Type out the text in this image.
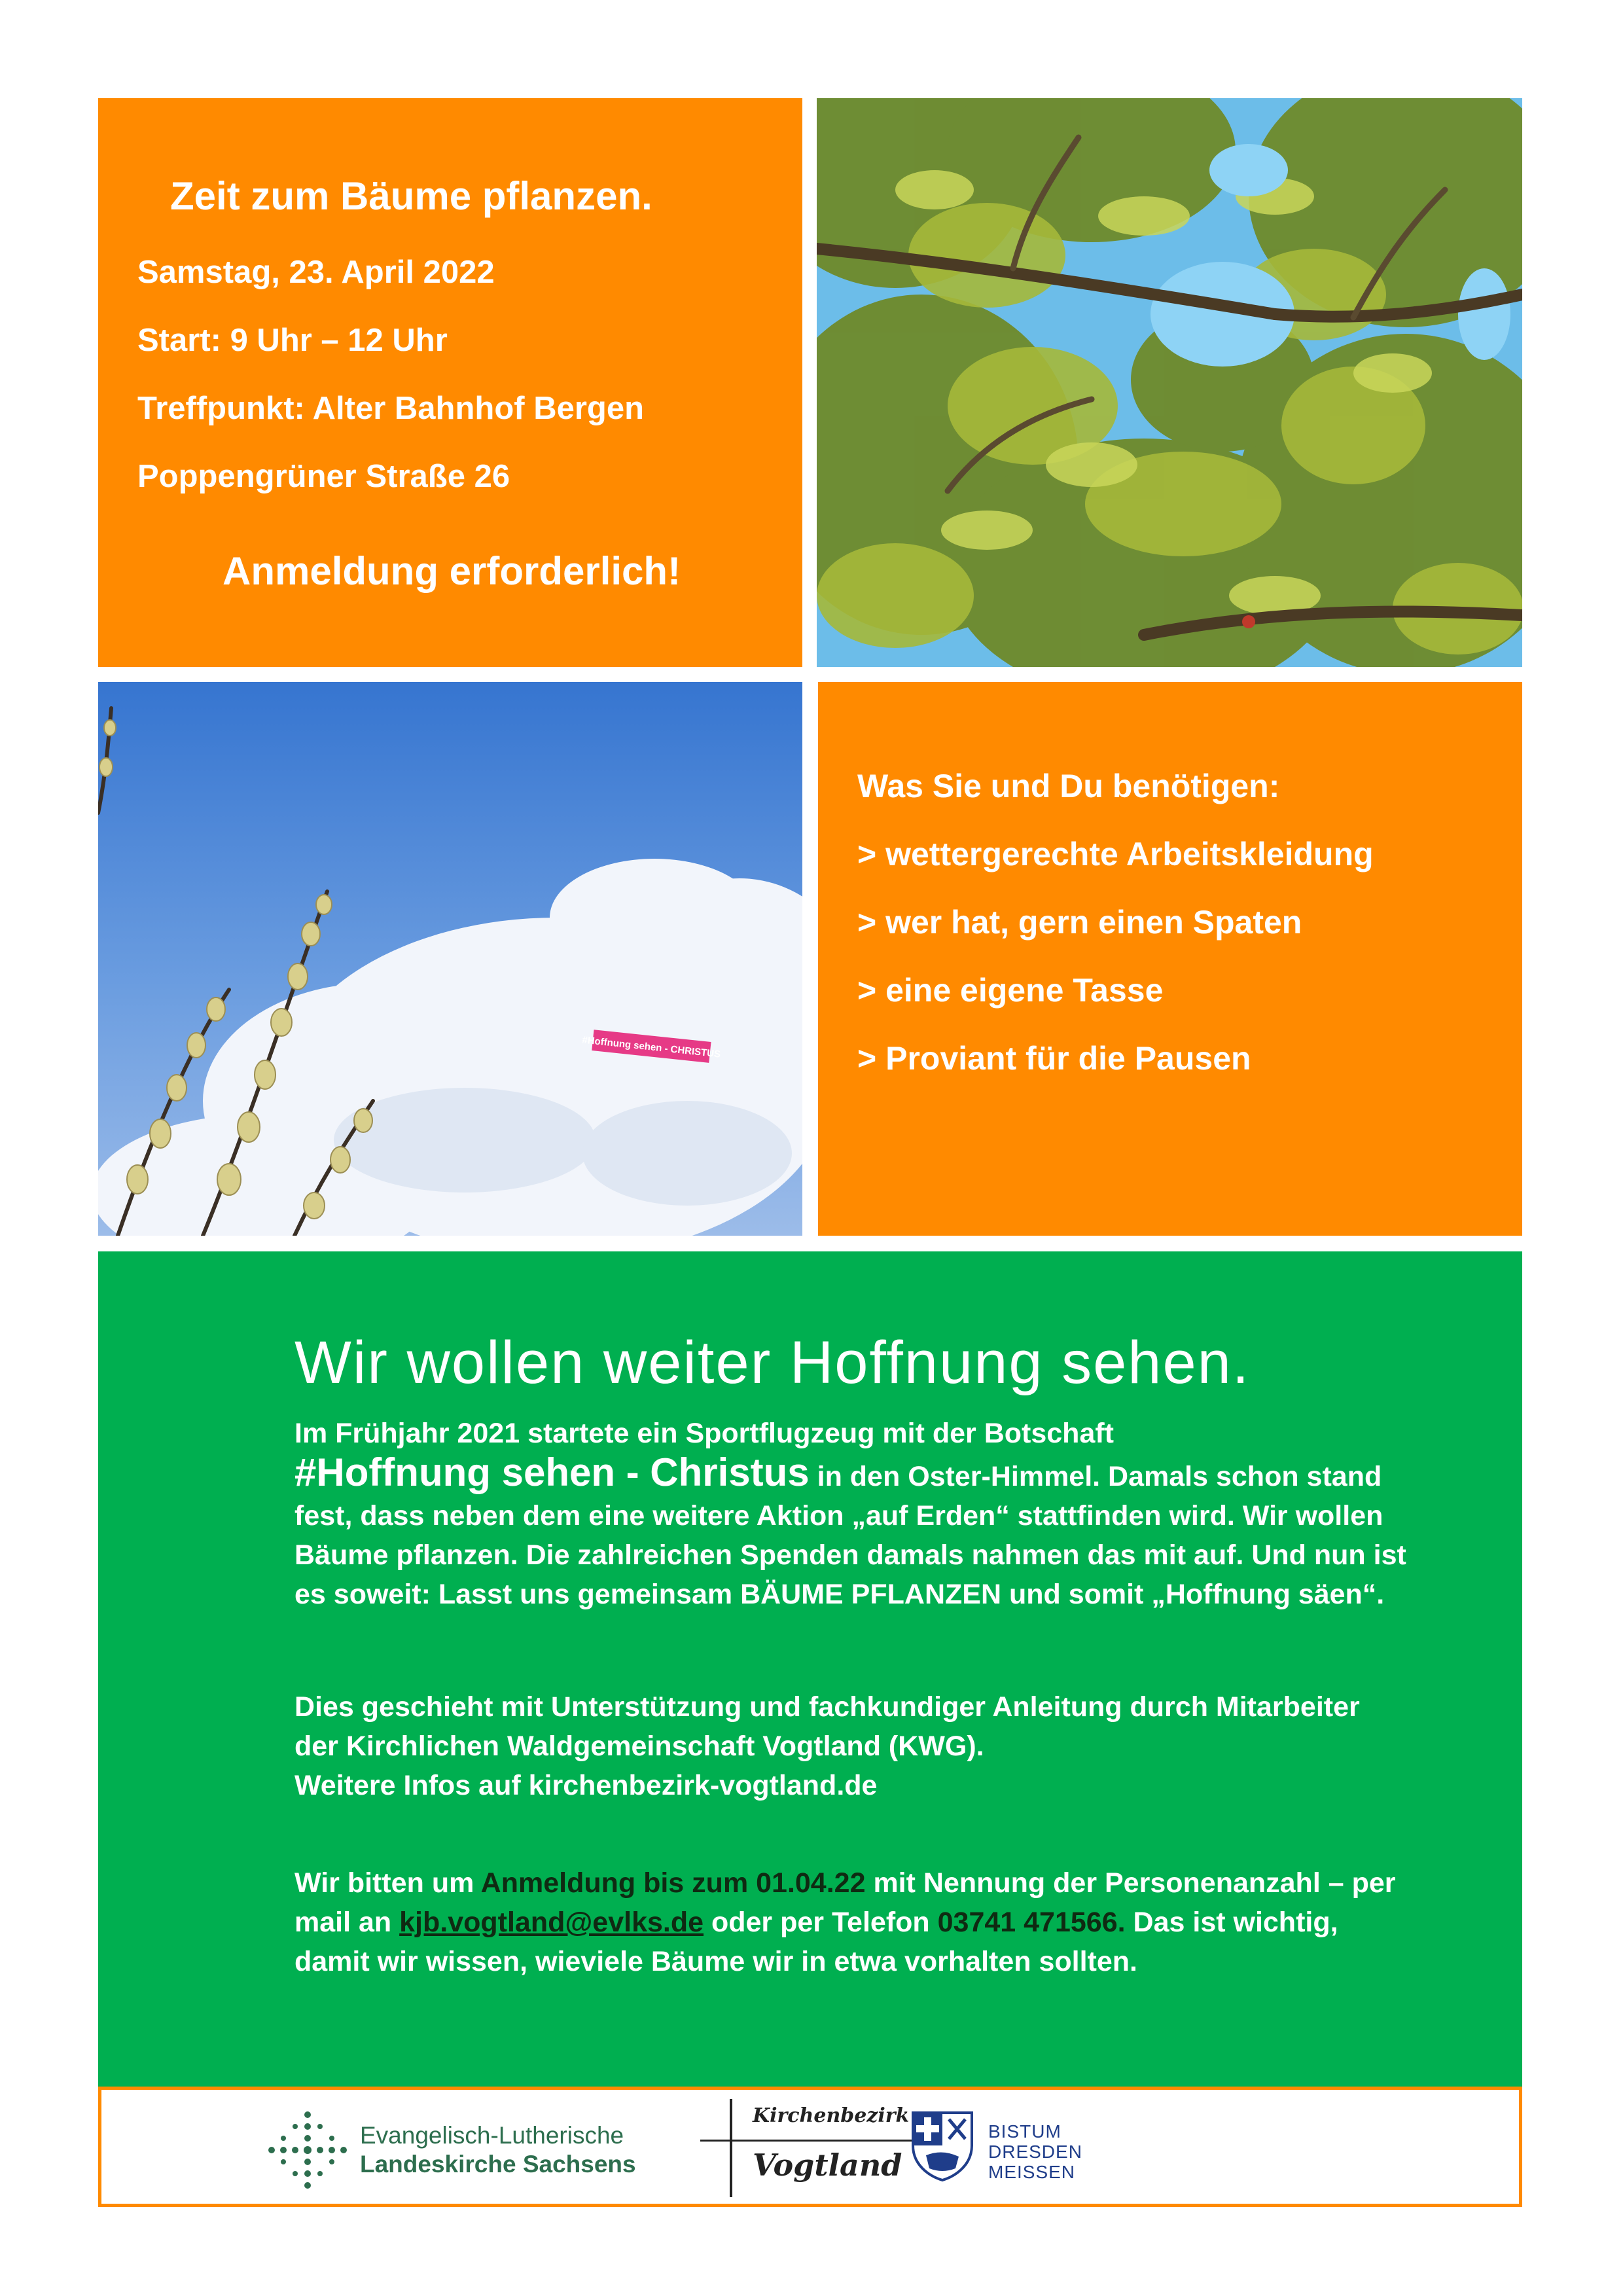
Zeit zum Bäume pflanzen.
Samstag, 23. April 2022
Start: 9 Uhr – 12 Uhr
Treffpunkt: Alter Bahnhof Bergen
Poppengrüner Straße 26
Anmeldung erforderlich!
#Hoffnung sehen - CHRISTUS
Was Sie und Du benötigen:
> wettergerechte Arbeitskleidung
> wer hat, gern einen Spaten
> eine eigene Tasse
> Proviant für die Pausen
Wir wollen weiter Hoffnung sehen.
Im Frühjahr 2021 startete ein Sportflugzeug mit der Botschaft
#Hoffnung sehen - Christus in den Oster-Himmel. Damals schon stand fest, dass neben dem eine weitere Aktion „auf Erden“ stattfinden wird. Wir wollen Bäume pflanzen. Die zahlreichen Spenden damals nahmen das mit auf. Und nun ist es soweit: Lasst uns gemeinsam BÄUME PFLANZEN und somit „Hoffnung säen“.
Dies geschieht mit Unterstützung und fachkundiger Anleitung durch Mitarbeiter der Kirchlichen Waldgemeinschaft Vogtland (KWG).
Weitere Infos auf kirchenbezirk-vogtland.de
Wir bitten um Anmeldung bis zum 01.04.22 mit Nennung der Personenanzahl – per mail an kjb.vogtland@evlks.de oder per Telefon 03741 471566. Das ist wichtig, damit wir wissen, wieviele Bäume wir in etwa vorhalten sollten.
Evangelisch-Lutherische
Landeskirche Sachsens
Kirchenbezirk
Vogtland
BISTUM
DRESDEN
MEISSEN
